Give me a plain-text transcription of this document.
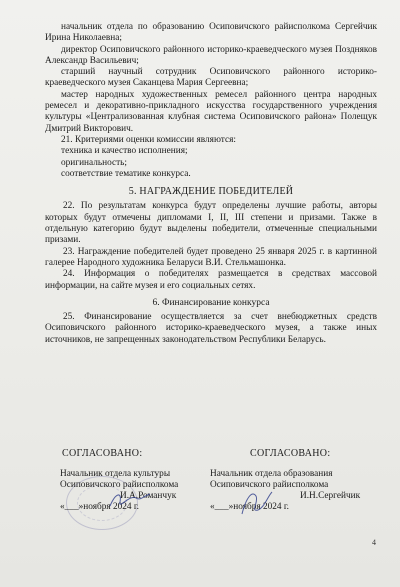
начальник отдела по образованию Осиповичского райисполкома Сергейчик Ирина Николаевна;

директор Осиповичского районного историко-краеведческого музея Поздняков Александр Васильевич;

старший научный сотрудник Осиповичского районного историко-краеведческого музея Саканцева Мария Сергеевна;

мастер народных художественных ремесел районного центра народных ремесел и декоративно-прикладного искусства государственного учреждения культуры «Централизованная клубная система Осиповичского района» Полещук Дмитрий Викторович.

21. Критериями оценки комиссии являются:

техника и качество исполнения;

оригинальность;

соответствие тематике конкурса.

5. НАГРАЖДЕНИЕ ПОБЕДИТЕЛЕЙ

22. По результатам конкурса будут определены лучшие работы, авторы которых будут отмечены дипломами I, II, III степени и призами. Также в отдельную категорию будут выделены победители, отмеченные специальными призами.

23. Награждение победителей будет проведено 25 января 2025 г. в картинной галерее Народного художника Беларуси В.И. Стельмашонка.

24. Информация о победителях размещается в средствах массовой информации, на сайте музея и его социальных сетях.

6. Финансирование конкурса

25. Финансирование осуществляется за счет внебюджетных средств Осиповичского районного историко-краеведческого музея, а также иных источников, не запрещенных законодательством Республики Беларусь.

СОГЛАСОВАНО:
Начальник отдела культуры
Осиповичского райисполкома
И.А.Романчук
«___»ноября 2024 г.
СОГЛАСОВАНО:
Начальник отдела образования
Осиповичского райисполкома
И.Н.Сергейчик
«___»ноября 2024 г.
4
